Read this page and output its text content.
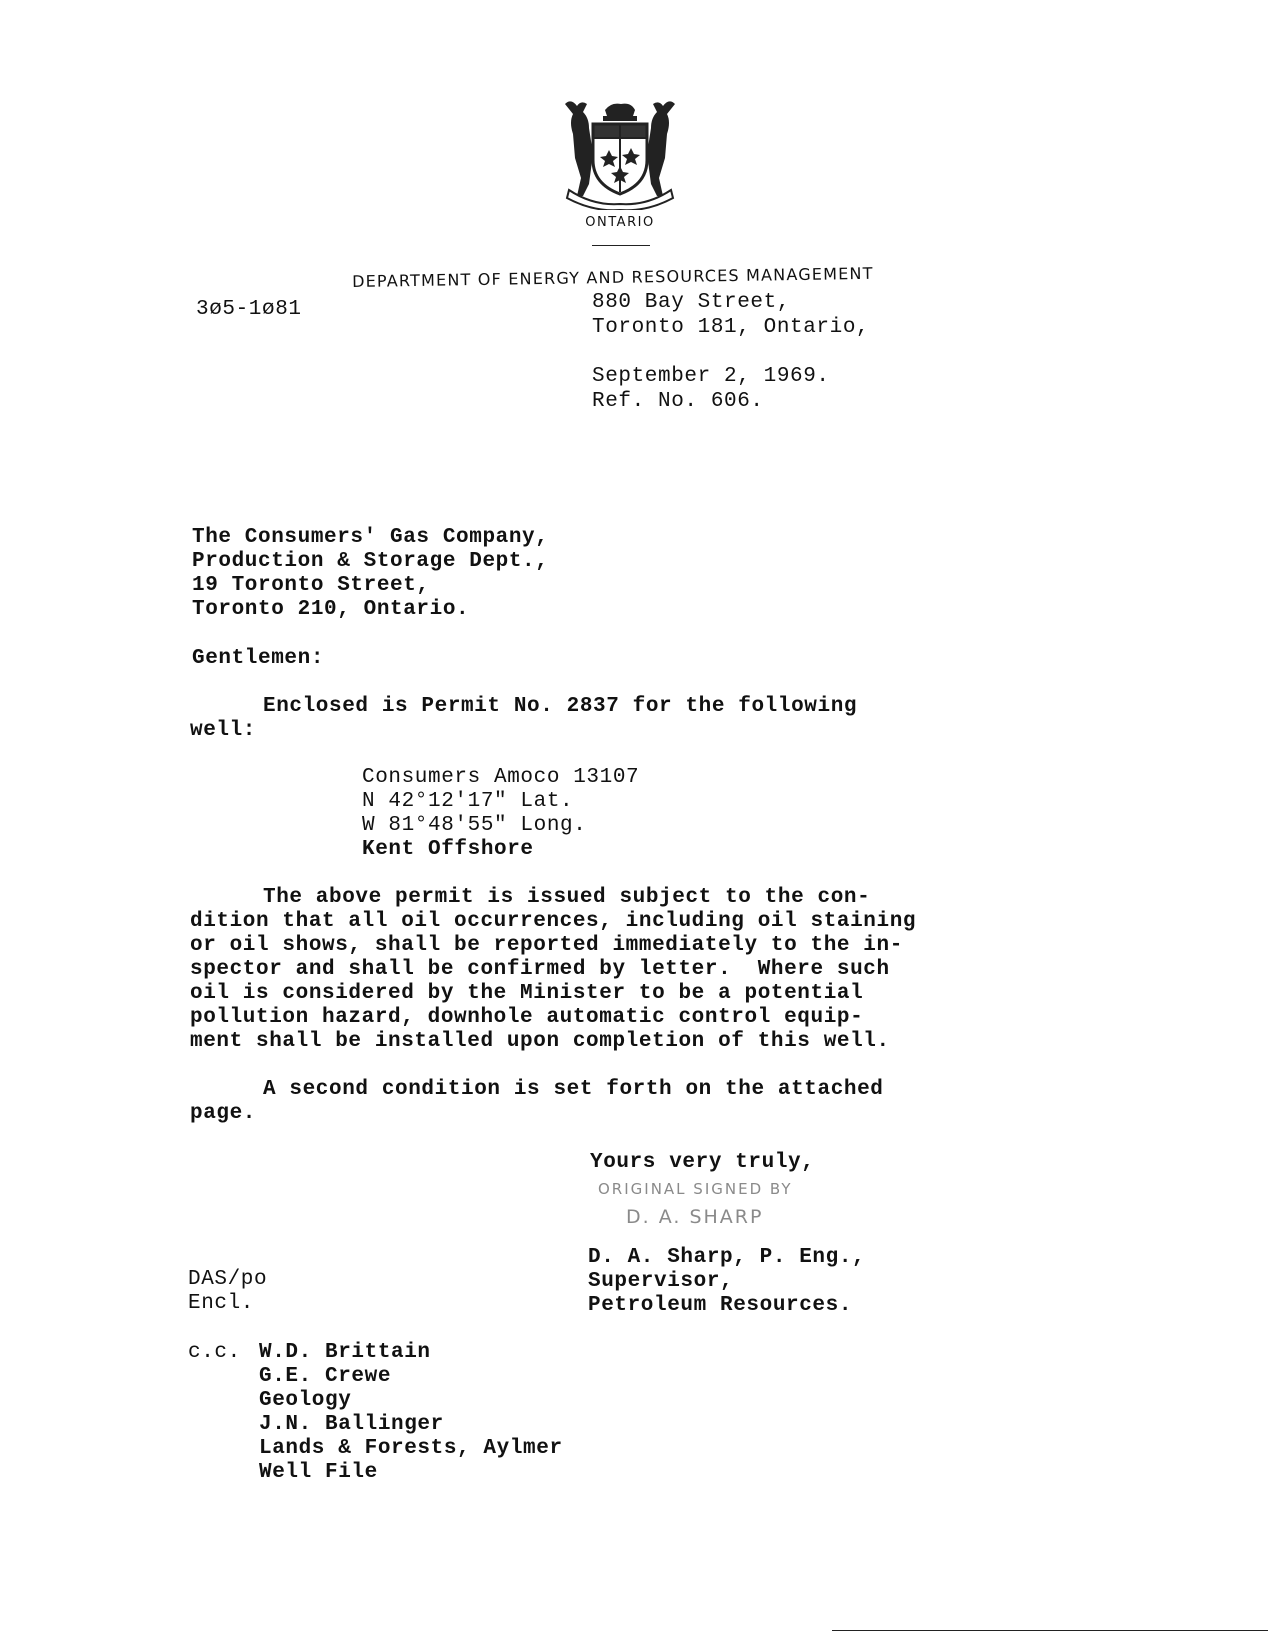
ONTARIO
DEPARTMENT OF ENERGY AND RESOURCES MANAGEMENT
3ø5-1ø81	880 Bay Street,
Toronto 181, Ontario,
September 2, 1969.
Ref. No. 606.
The Consumers' Gas Company,
Production & Storage Dept.,
19 Toronto Street,
Toronto 210, Ontario.
Gentlemen:
Enclosed is Permit No. 2837 for the following
well:
Consumers Amoco 13107
N 42°12'17" Lat.
W 81°48'55" Long.
Kent Offshore
The above permit is issued subject to the con-
dition that all oil occurrences, including oil staining
or oil shows, shall be reported immediately to the in-
spector and shall be confirmed by letter.  Where such
oil is considered by the Minister to be a potential
pollution hazard, downhole automatic control equip-
ment shall be installed upon completion of this well.
A second condition is set forth on the attached
page.
Yours very truly,
ORIGINAL SIGNED BY
D. A. SHARP
D. A. Sharp, P. Eng.,
Supervisor,
Petroleum Resources.
DAS/po
Encl.
c.c. W.D. Brittain
G.E. Crewe
Geology
J.N. Ballinger
Lands & Forests, Aylmer
Well File
